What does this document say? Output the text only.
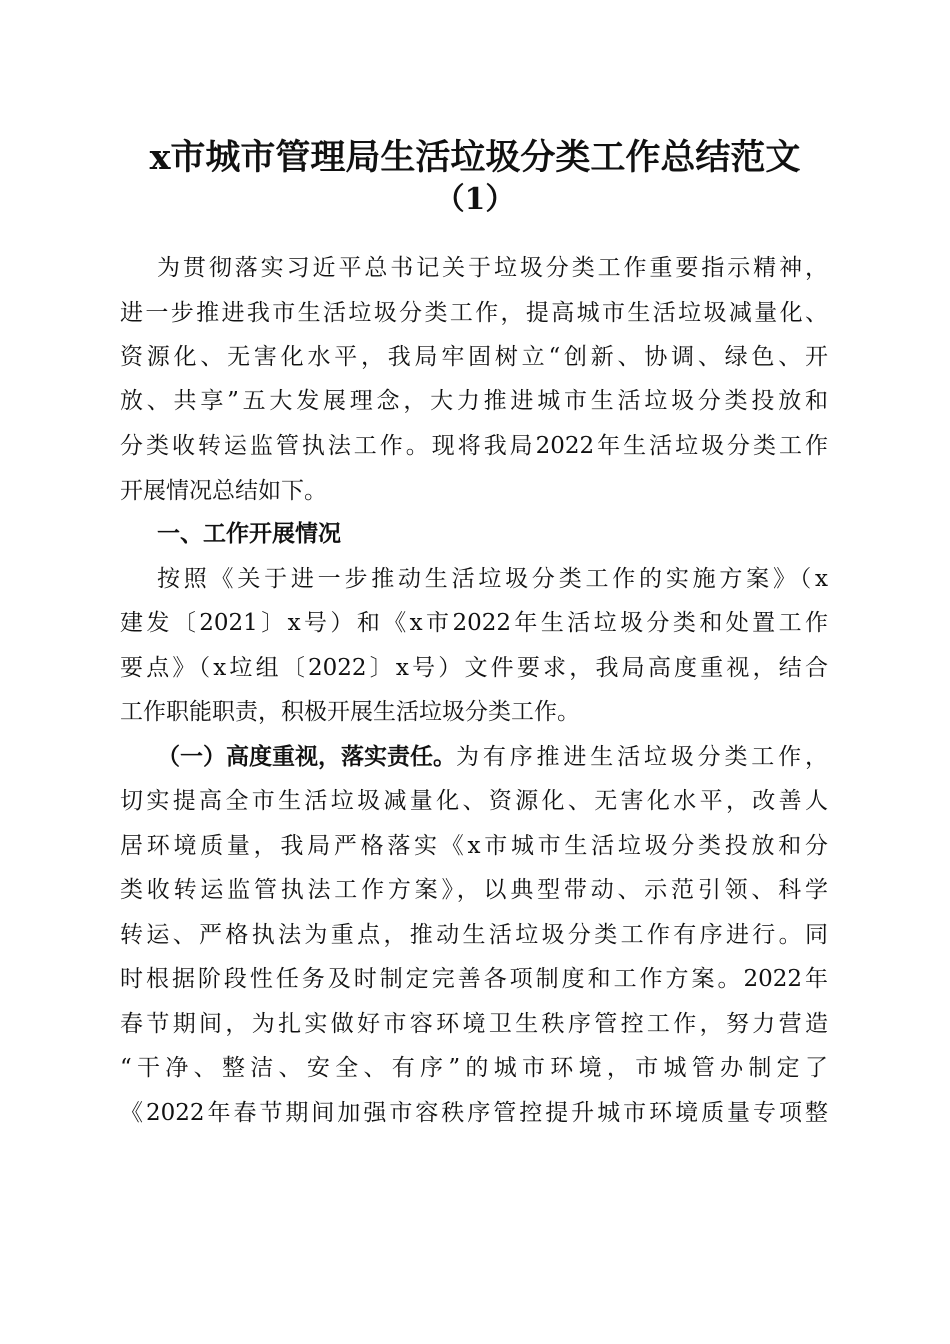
x市城市管理局生活垃圾分类工作总结范文
（1）
为贯彻落实习近平总书记关于垃圾分类工作重要指示精神，
进一步推进我市生活垃圾分类工作，提高城市生活垃圾减量化、
资源化、无害化水平，我局牢固树立“创新、协调、绿色、开
放、共享”五大发展理念，大力推进城市生活垃圾分类投放和
分类收转运监管执法工作。现将我局2022年生活垃圾分类工作
开展情况总结如下。
一、工作开展情况
按照《关于进一步推动生活垃圾分类工作的实施方案》（x
建发〔2021〕x号）和《x市2022年生活垃圾分类和处置工作
要点》（x垃组〔2022〕x号）文件要求，我局高度重视，结合
工作职能职责，积极开展生活垃圾分类工作。
（一）高度重视，落实责任。 为有序推进生活垃圾分类工作，
切实提高全市生活垃圾减量化、资源化、无害化水平，改善人
居环境质量，我局严格落实《x市城市生活垃圾分类投放和分
类收转运监管执法工作方案》，以典型带动、示范引领、科学
转运、严格执法为重点，推动生活垃圾分类工作有序进行。同
时根据阶段性任务及时制定完善各项制度和工作方案。2022年
春节期间，为扎实做好市容环境卫生秩序管控工作，努力营造
“干净、整洁、安全、有序”的城市环境，市城管办制定了
《2022年春节期间加强市容秩序管控提升城市环境质量专项整
